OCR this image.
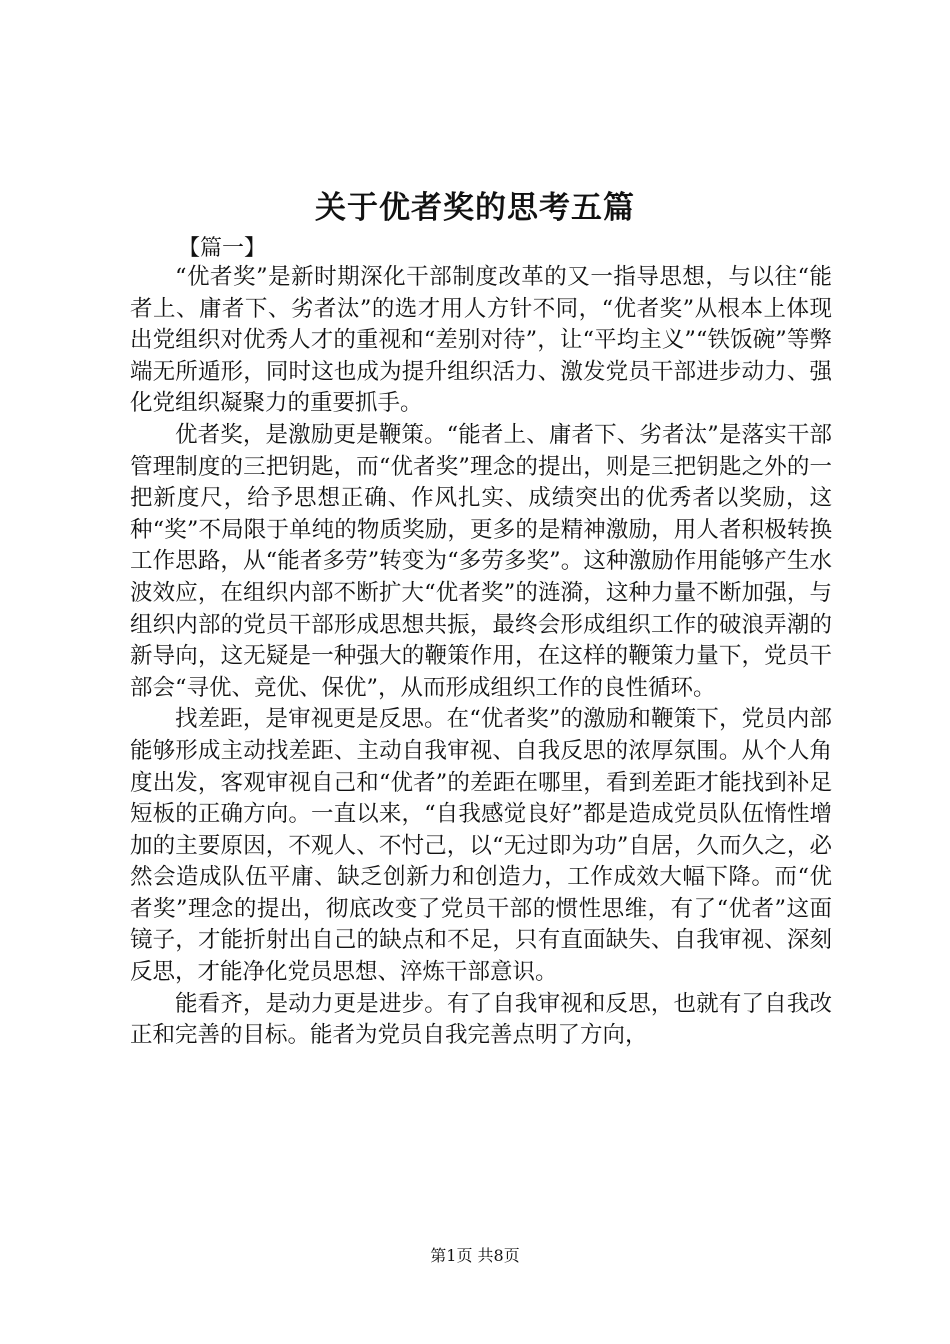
关于优者奖的思考五篇
【篇一】

“优者奖”是新时期深化干部制度改革的又一指导思想，与以往“能者上、庸者下、劣者汰”的选才用人方针不同，“优者奖”从根本上体现出党组织对优秀人才的重视和“差别对待”，让“平均主义”“铁饭碗”等弊端无所遁形，同时这也成为提升组织活力、激发党员干部进步动力、强化党组织凝聚力的重要抓手。

优者奖，是激励更是鞭策。“能者上、庸者下、劣者汰”是落实干部管理制度的三把钥匙，而“优者奖”理念的提出，则是三把钥匙之外的一把新度尺，给予思想正确、作风扎实、成绩突出的优秀者以奖励，这种“奖”不局限于单纯的物质奖励，更多的是精神激励，用人者积极转换工作思路，从“能者多劳”转变为“多劳多奖”。这种激励作用能够产生水波效应，在组织内部不断扩大“优者奖”的涟漪，这种力量不断加强，与组织内部的党员干部形成思想共振，最终会形成组织工作的破浪弄潮的新导向，这无疑是一种强大的鞭策作用，在这样的鞭策力量下，党员干部会“寻优、竞优、保优”，从而形成组织工作的良性循环。

找差距，是审视更是反思。在“优者奖”的激励和鞭策下，党员内部能够形成主动找差距、主动自我审视、自我反思的浓厚氛围。从个人角度出发，客观审视自己和“优者”的差距在哪里，看到差距才能找到补足短板的正确方向。一直以来，“自我感觉良好”都是造成党员队伍惰性增加的主要原因，不观人、不忖己，以“无过即为功”自居，久而久之，必然会造成队伍平庸、缺乏创新力和创造力，工作成效大幅下降。而“优者奖”理念的提出，彻底改变了党员干部的惯性思维，有了“优者”这面镜子，才能折射出自己的缺点和不足，只有直面缺失、自我审视、深刻反思，才能净化党员思想、淬炼干部意识。

能看齐，是动力更是进步。有了自我审视和反思，也就有了自我改正和完善的目标。能者为党员自我完善点明了方向，

第1页 共8页
